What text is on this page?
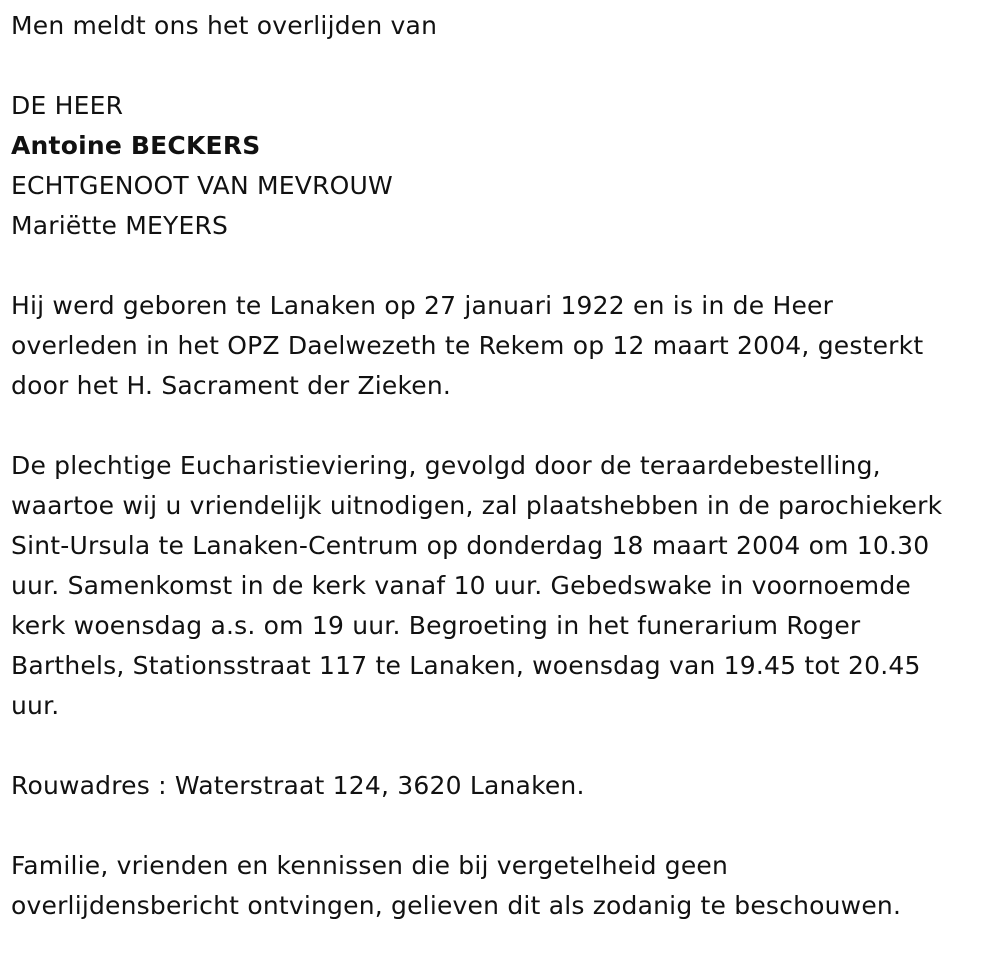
Men meldt ons het overlijden van

DE HEER

Antoine BECKERS

ECHTGENOOT VAN MEVROUW

Mariëtte MEYERS

Hij werd geboren te Lanaken op 27 januari 1922 en is in de Heer

overleden in het OPZ Daelwezeth te Rekem op 12 maart 2004, gesterkt

door het H. Sacrament der Zieken.

De plechtige Eucharistieviering, gevolgd door de teraardebestelling,

waartoe wij u vriendelijk uitnodigen, zal plaatshebben in de parochiekerk

Sint-Ursula te Lanaken-Centrum op donderdag 18 maart 2004 om 10.30

uur. Samenkomst in de kerk vanaf 10 uur. Gebedswake in voornoemde

kerk woensdag a.s. om 19 uur. Begroeting in het funerarium Roger

Barthels, Stationsstraat 117 te Lanaken, woensdag van 19.45 tot 20.45

uur.

Rouwadres : Waterstraat 124, 3620 Lanaken.

Familie, vrienden en kennissen die bij vergetelheid geen

overlijdensbericht ontvingen, gelieven dit als zodanig te beschouwen.
